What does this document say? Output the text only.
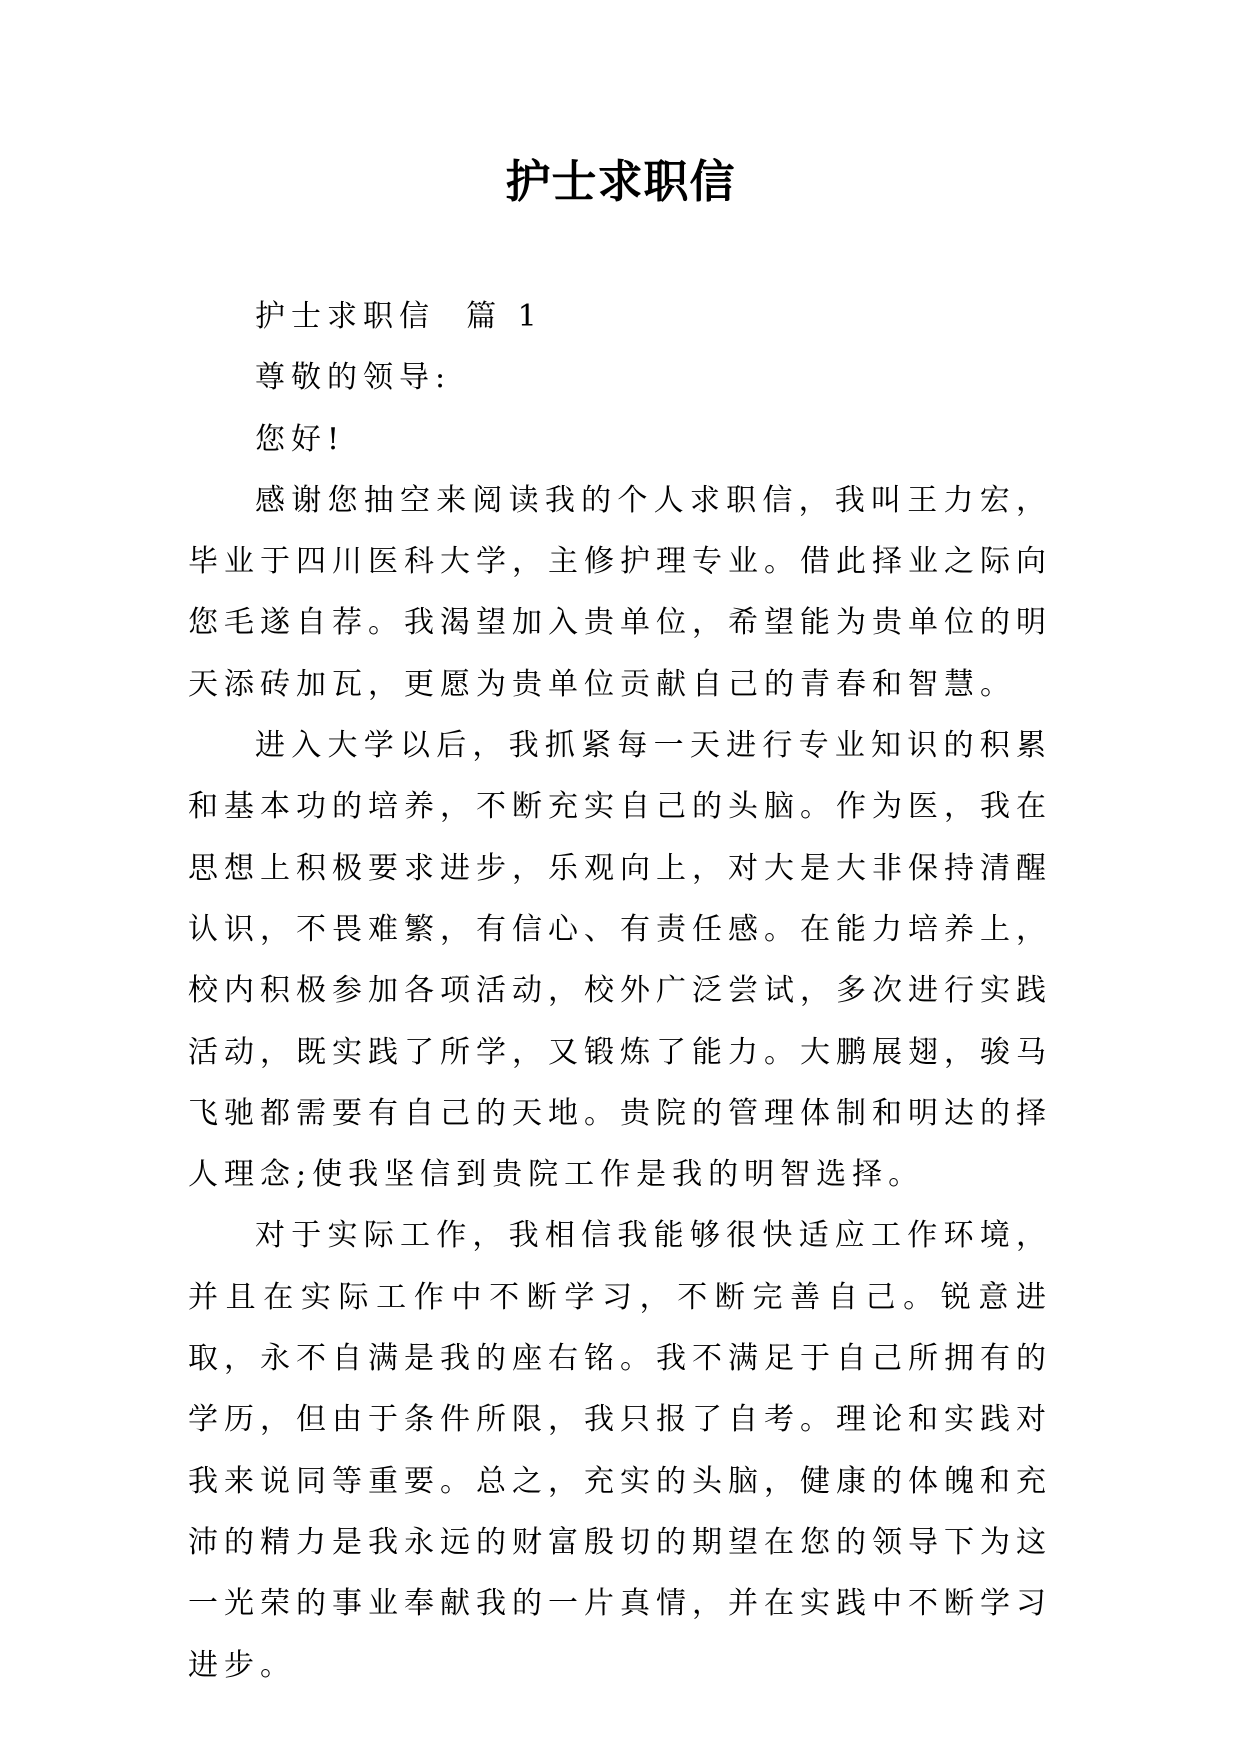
护士求职信

护士求职信  篇 1

尊敬的领导:

您好!

感谢您抽空来阅读我的个人求职信，我叫王力宏，毕业于四川医科大学，主修护理专业。借此择业之际向您毛遂自荐。我渴望加入贵单位，希望能为贵单位的明天添砖加瓦，更愿为贵单位贡献自己的青春和智慧。

进入大学以后，我抓紧每一天进行专业知识的积累和基本功的培养，不断充实自己的头脑。作为医，我在思想上积极要求进步，乐观向上，对大是大非保持清醒认识，不畏难繁，有信心、有责任感。在能力培养上，校内积极参加各项活动，校外广泛尝试，多次进行实践活动，既实践了所学，又锻炼了能力。大鹏展翅，骏马飞驰都需要有自己的天地。贵院的管理体制和明达的择人理念;使我坚信到贵院工作是我的明智选择。

对于实际工作，我相信我能够很快适应工作环境，并且在实际工作中不断学习，不断完善自己。锐意进取，永不自满是我的座右铭。我不满足于自己所拥有的学历，但由于条件所限，我只报了自考。理论和实践对我来说同等重要。总之，充实的头脑，健康的体魄和充沛的精力是我永远的财富殷切的期望在您的领导下为这一光荣的事业奉献我的一片真情，并在实践中不断学习进步。
